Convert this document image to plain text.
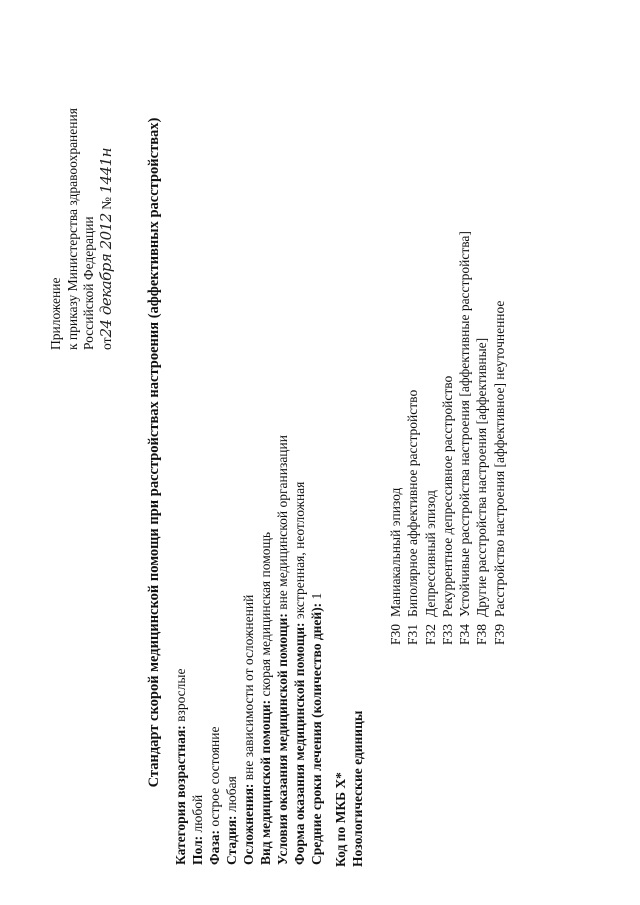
Приложение к приказу Министерства здравоохранения Российской Федерации от24 декабря 2012 № 1441н Стандарт скорой медицинской помощи при расстройствах настроения (аффективных расстройствах)
Категория возрастная: взрослые
Пол: любой
Фаза: острое состояние
Стадия: любая Осложнения: вне зависимости от осложнений Вид медицинской помощи: скорая медицинская помощь Условия оказания медицинской помощи: вне медицинской организации
Форма оказания медицинской помощи: экстренная, неотложная
Средние сроки лечения (количество дней): 1
Код по МКБ X* Нозологические единицы
F30
Маниакальный эпизод
F31
Биполярное аффективное расстройство
F32
Депрессивный эпизод
F33
Рекуррентное депрессивное расстройство
F34
Устойчивые расстройства настроения [аффективные расстройства]
F38
Другие расстройства настроения [аффективные]
F39
Расстройство настроения [аффективное] неуточненное
